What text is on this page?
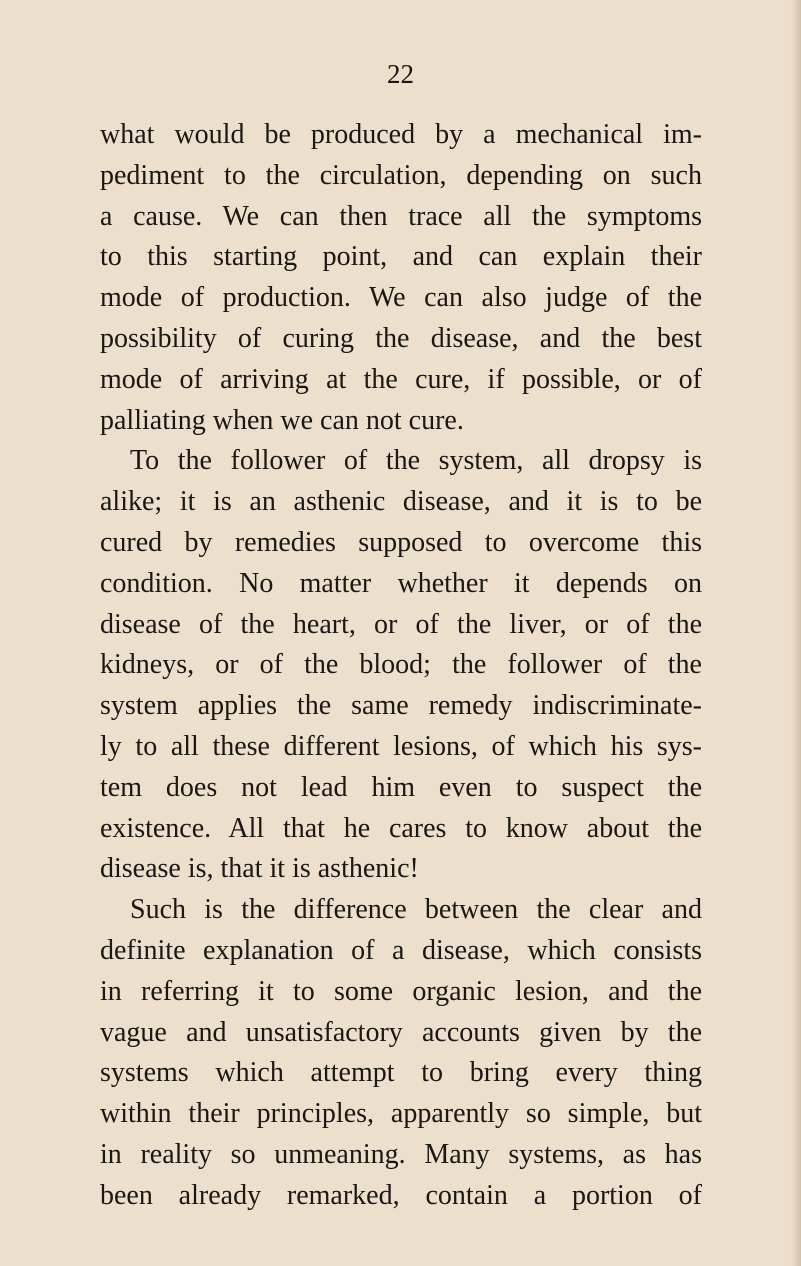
22
what would be produced by a mechanical im-
pediment to the circulation, depending on such
a cause. We can then trace all the symptoms
to this starting point, and can explain their
mode of production. We can also judge of the
possibility of curing the disease, and the best
mode of arriving at the cure, if possible, or of
palliating when we can not cure.
To the follower of the system, all dropsy is
alike; it is an asthenic disease, and it is to be
cured by remedies supposed to overcome this
condition. No matter whether it depends on
disease of the heart, or of the liver, or of the
kidneys, or of the blood; the follower of the
system applies the same remedy indiscriminate-
ly to all these different lesions, of which his sys-
tem does not lead him even to suspect the
existence. All that he cares to know about the
disease is, that it is asthenic!
Such is the difference between the clear and
definite explanation of a disease, which consists
in referring it to some organic lesion, and the
vague and unsatisfactory accounts given by the
systems which attempt to bring every thing
within their principles, apparently so simple, but
in reality so unmeaning. Many systems, as has
been already remarked, contain a portion of
